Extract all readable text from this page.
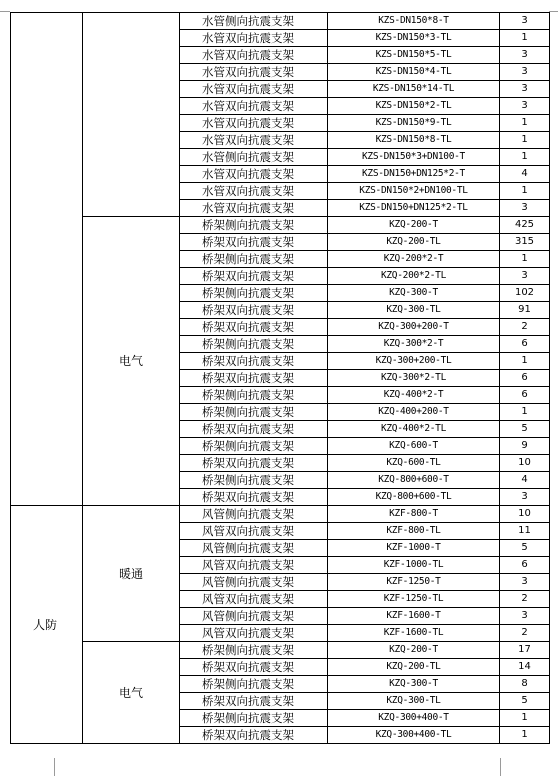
		水管侧向抗震支架	KZS-DN150*8-T	3
		水管双向抗震支架	KZS-DN150*3-TL	1
		水管双向抗震支架	KZS-DN150*5-TL	3
		水管双向抗震支架	KZS-DN150*4-TL	3
		水管双向抗震支架	KZS-DN150*14-TL	3
		水管双向抗震支架	KZS-DN150*2-TL	3
		水管双向抗震支架	KZS-DN150*9-TL	1
		水管双向抗震支架	KZS-DN150*8-TL	1
		水管侧向抗震支架	KZS-DN150*3+DN100-T	1
		水管双向抗震支架	KZS-DN150+DN125*2-T	4
		水管双向抗震支架	KZS-DN150*2+DN100-TL	1
		水管双向抗震支架	KZS-DN150+DN125*2-TL	3
	电气	桥架侧向抗震支架	KZQ-200-T	425
		桥架双向抗震支架	KZQ-200-TL	315
		桥架侧向抗震支架	KZQ-200*2-T	1
		桥架双向抗震支架	KZQ-200*2-TL	3
		桥架侧向抗震支架	KZQ-300-T	102
		桥架双向抗震支架	KZQ-300-TL	91
		桥架双向抗震支架	KZQ-300+200-T	2
		桥架侧向抗震支架	KZQ-300*2-T	6
		桥架双向抗震支架	KZQ-300+200-TL	1
		桥架双向抗震支架	KZQ-300*2-TL	6
		桥架侧向抗震支架	KZQ-400*2-T	6
		桥架侧向抗震支架	KZQ-400+200-T	1
		桥架双向抗震支架	KZQ-400*2-TL	5
		桥架侧向抗震支架	KZQ-600-T	9
		桥架双向抗震支架	KZQ-600-TL	10
		桥架侧向抗震支架	KZQ-800+600-T	4
		桥架双向抗震支架	KZQ-800+600-TL	3
人防	暖通	风管侧向抗震支架	KZF-800-T	10
		风管双向抗震支架	KZF-800-TL	11
		风管侧向抗震支架	KZF-1000-T	5
		风管双向抗震支架	KZF-1000-TL	6
		风管侧向抗震支架	KZF-1250-T	3
		风管双向抗震支架	KZF-1250-TL	2
		风管侧向抗震支架	KZF-1600-T	3
		风管双向抗震支架	KZF-1600-TL	2
	电气	桥架侧向抗震支架	KZQ-200-T	17
		桥架双向抗震支架	KZQ-200-TL	14
		桥架侧向抗震支架	KZQ-300-T	8
		桥架双向抗震支架	KZQ-300-TL	5
		桥架侧向抗震支架	KZQ-300+400-T	1
		桥架双向抗震支架	KZQ-300+400-TL	1
